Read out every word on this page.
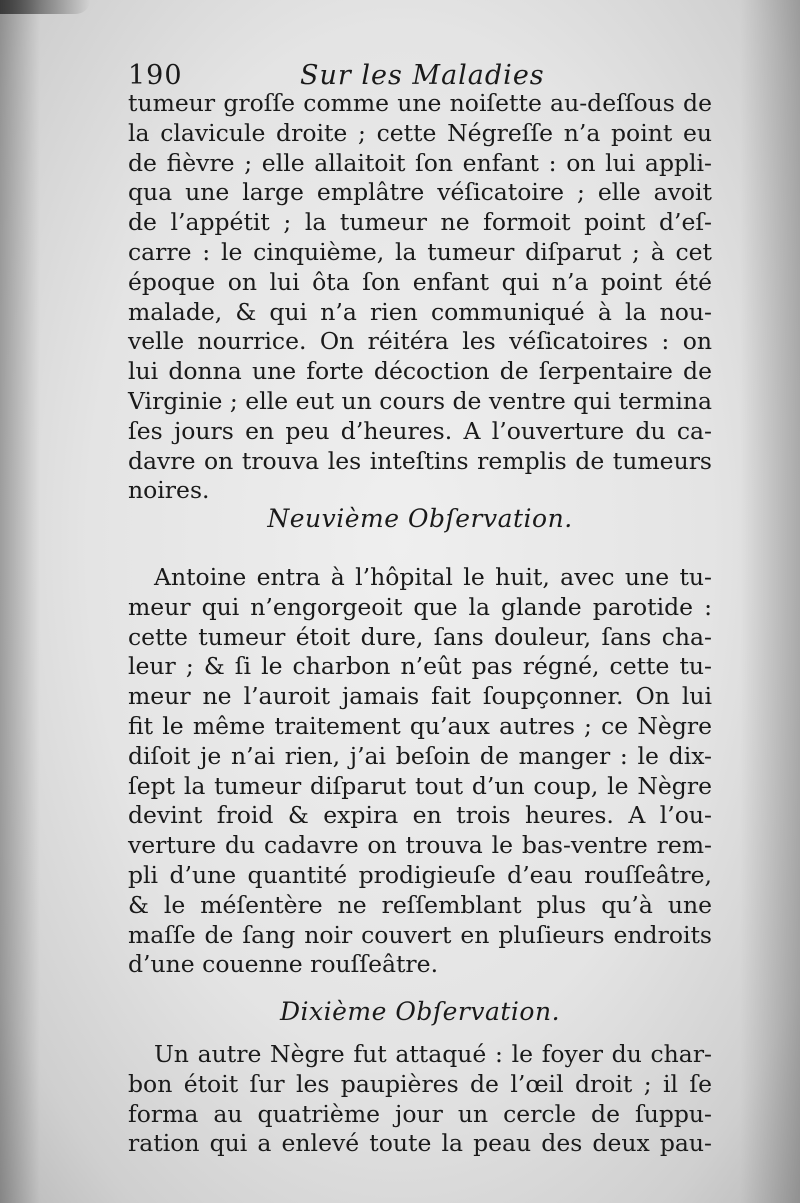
190	Sur les Maladies
tumeur groſſe comme une noiſette au-deſſous de
la clavicule droite ; cette Négreſſe n’a point eu
de fièvre ; elle allaitoit ſon enfant : on lui appli-
qua une large emplâtre véſicatoire ; elle avoit
de l’appétit ; la tumeur ne formoit point d’eſ-
carre : le cinquième, la tumeur diſparut ; à cet
époque on lui ôta ſon enfant qui n’a point été
malade, & qui n’a rien communiqué à la nou-
velle nourrice. On réitéra les véſicatoires : on
lui donna une forte décoction de ſerpentaire de
Virginie ; elle eut un cours de ventre qui termina
ſes jours en peu d’heures. A l’ouverture du ca-
davre on trouva les inteſtins remplis de tumeurs
noires.
Neuvième Obſervation.
Antoine entra à l’hôpital le huit, avec une tu-
meur qui n’engorgeoit que la glande parotide :
cette tumeur étoit dure, ſans douleur, ſans cha-
leur ; & ſi le charbon n’eût pas régné, cette tu-
meur ne l’auroit jamais fait ſoupçonner. On lui
fit le même traitement qu’aux autres ; ce Nègre
diſoit je n’ai rien, j’ai beſoin de manger : le dix-
ſept la tumeur diſparut tout d’un coup, le Nègre
devint froid & expira en trois heures. A l’ou-
verture du cadavre on trouva le bas-ventre rem-
pli d’une quantité prodigieuſe d’eau rouſſeâtre,
& le méſentère ne reſſemblant plus qu’à une
maſſe de ſang noir couvert en pluſieurs endroits
d’une couenne rouſſeâtre.
Dixième Obſervation.
Un autre Nègre fut attaqué : le foyer du char-
bon étoit ſur les paupières de l’œil droit ; il ſe
forma au quatrième jour un cercle de ſuppu-
ration qui a enlevé toute la peau des deux pau-
